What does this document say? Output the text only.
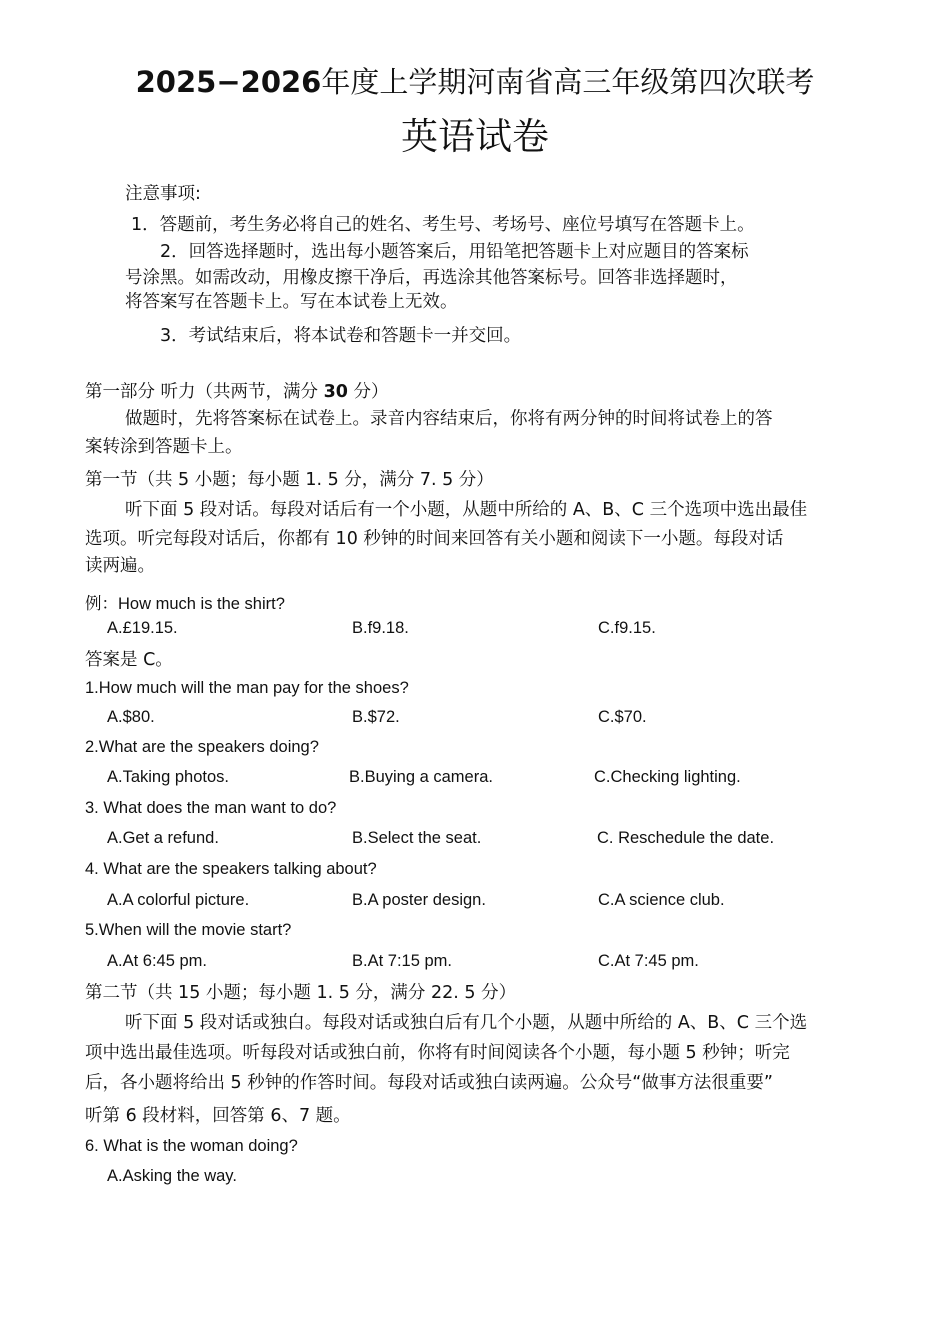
2025−2026年度上学期河南省高三年级第四次联考
英语试卷
注意事项:
1．答题前，考生务必将自己的姓名、考生号、考场号、座位号填写在答题卡上。
2．回答选择题时，选出每小题答案后，用铅笔把答题卡上对应题目的答案标
号涂黑。如需改动，用橡皮擦干净后，再选涂其他答案标号。回答非选择题时，
将答案写在答题卡上。写在本试卷上无效。
3．考试结束后，将本试卷和答题卡一并交回。
第一部分 听力（共两节，满分 30 分）
做题时，先将答案标在试卷上。录音内容结束后，你将有两分钟的时间将试卷上的答
案转涂到答题卡上。
第一节（共 5 小题；每小题 1. 5 分，满分 7. 5 分）
听下面 5 段对话。每段对话后有一个小题，从题中所给的 A、B、C 三个选项中选出最佳
选项。听完每段对话后，你都有 10 秒钟的时间来回答有关小题和阅读下一小题。每段对话
读两遍。
例：How much is the shirt?
A.£19.15.	B.f9.18.	C.f9.15.
答案是 C。
1.How much will the man pay for the shoes?
A.$80.	B.$72.	C.$70.
2.What are the speakers doing?
A.Taking photos.	B.Buying a camera.	C.Checking lighting.
3. What does the man want to do?
A.Get a refund.	B.Select the seat.	C. Reschedule the date.
4. What are the speakers talking about?
A.A colorful picture.	B.A poster design.	C.A science club.
5.When will the movie start?
A.At 6:45 pm.	B.At 7:15 pm.	C.At 7:45 pm.
第二节（共 15 小题；每小题 1. 5 分，满分 22. 5 分）
听下面 5 段对话或独白。每段对话或独白后有几个小题，从题中所给的 A、B、C 三个选
项中选出最佳选项。听每段对话或独白前，你将有时间阅读各个小题，每小题 5 秒钟；听完
后，各小题将给出 5 秒钟的作答时间。每段对话或独白读两遍。公众号“做事方法很重要”
听第 6 段材料，回答第 6、7 题。
6. What is the woman doing?
A.Asking the way.
